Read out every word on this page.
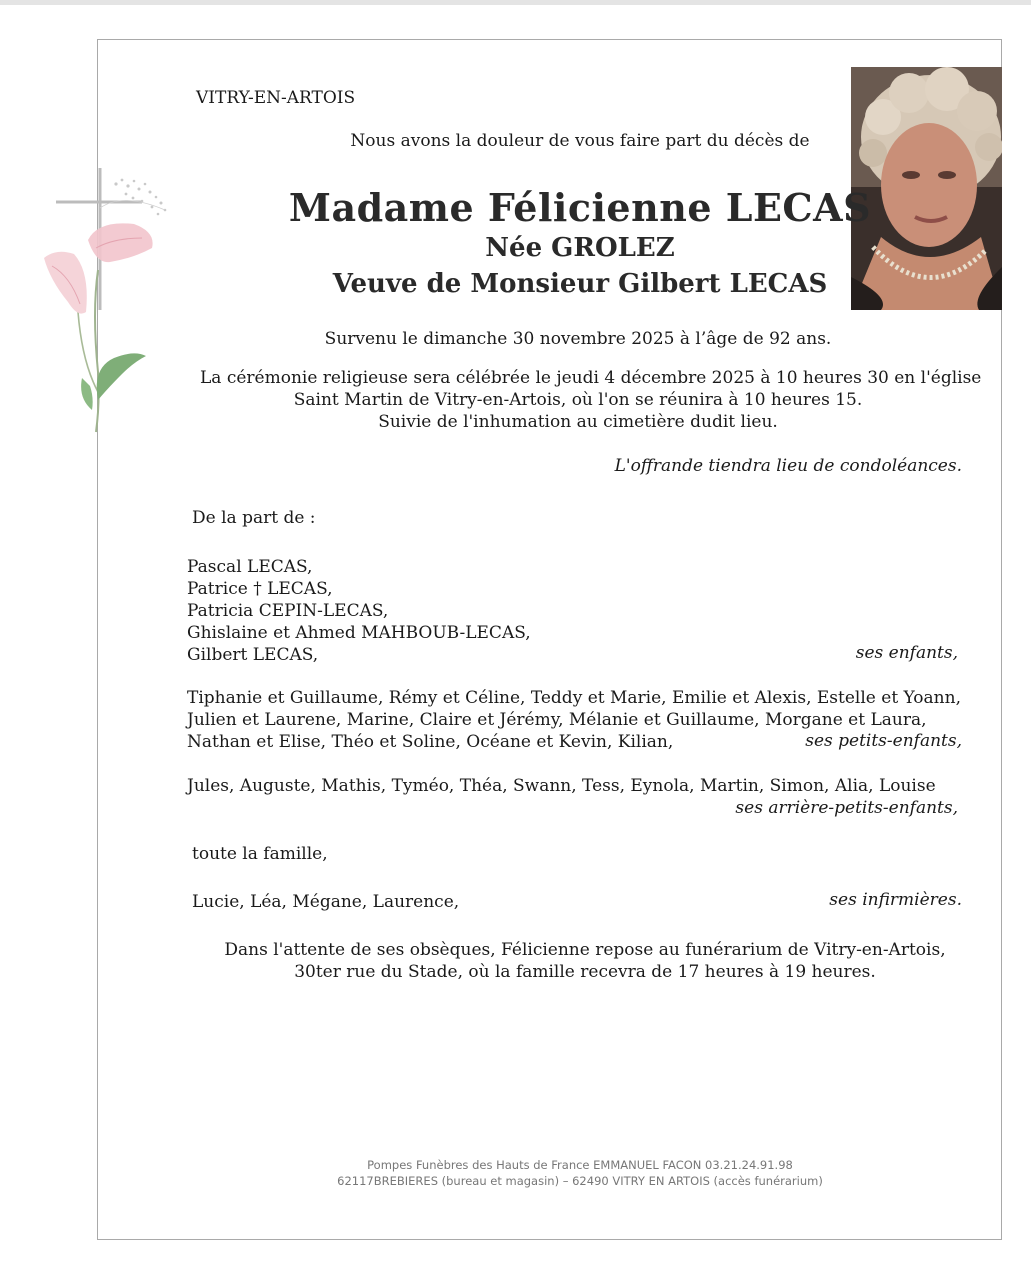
VITRY-EN-ARTOIS
Nous avons la douleur de vous faire part du décès de
Madame Félicienne LECAS
Née GROLEZ
Veuve de Monsieur Gilbert LECAS
Survenu le dimanche 30 novembre 2025 à l’âge de 92 ans.
La cérémonie religieuse sera célébrée le jeudi 4 décembre 2025 à 10 heures 30 en l'église
Saint Martin de Vitry-en-Artois, où l'on se réunira à 10 heures 15.
Suivie de l'inhumation au cimetière dudit lieu.
L'offrande tiendra lieu de condoléances.
De la part de :
Pascal LECAS,
Patrice † LECAS,
Patricia CEPIN-LECAS,
Ghislaine et Ahmed MAHBOUB-LECAS,
Gilbert LECAS,	ses enfants,
Tiphanie et Guillaume, Rémy et Céline, Teddy et Marie, Emilie et Alexis, Estelle et Yoann,
Julien et Laurene, Marine, Claire et Jérémy, Mélanie et Guillaume, Morgane et Laura,
Nathan et Elise, Théo et Soline, Océane et Kevin, Kilian,	ses petits-enfants,
Jules, Auguste, Mathis, Tyméo, Théa, Swann, Tess, Eynola, Martin, Simon, Alia, Louise
ses arrière-petits-enfants,
toute la famille,
Lucie, Léa, Mégane, Laurence,	ses infirmières.
Dans l'attente de ses obsèques, Félicienne repose au funérarium de Vitry-en-Artois,
30ter rue du Stade, où la famille recevra de 17 heures à 19 heures.
Pompes Funèbres des Hauts de France EMMANUEL FACON 03.21.24.91.98
62117BREBIERES (bureau et magasin) – 62490 VITRY EN ARTOIS (accès funérarium)
